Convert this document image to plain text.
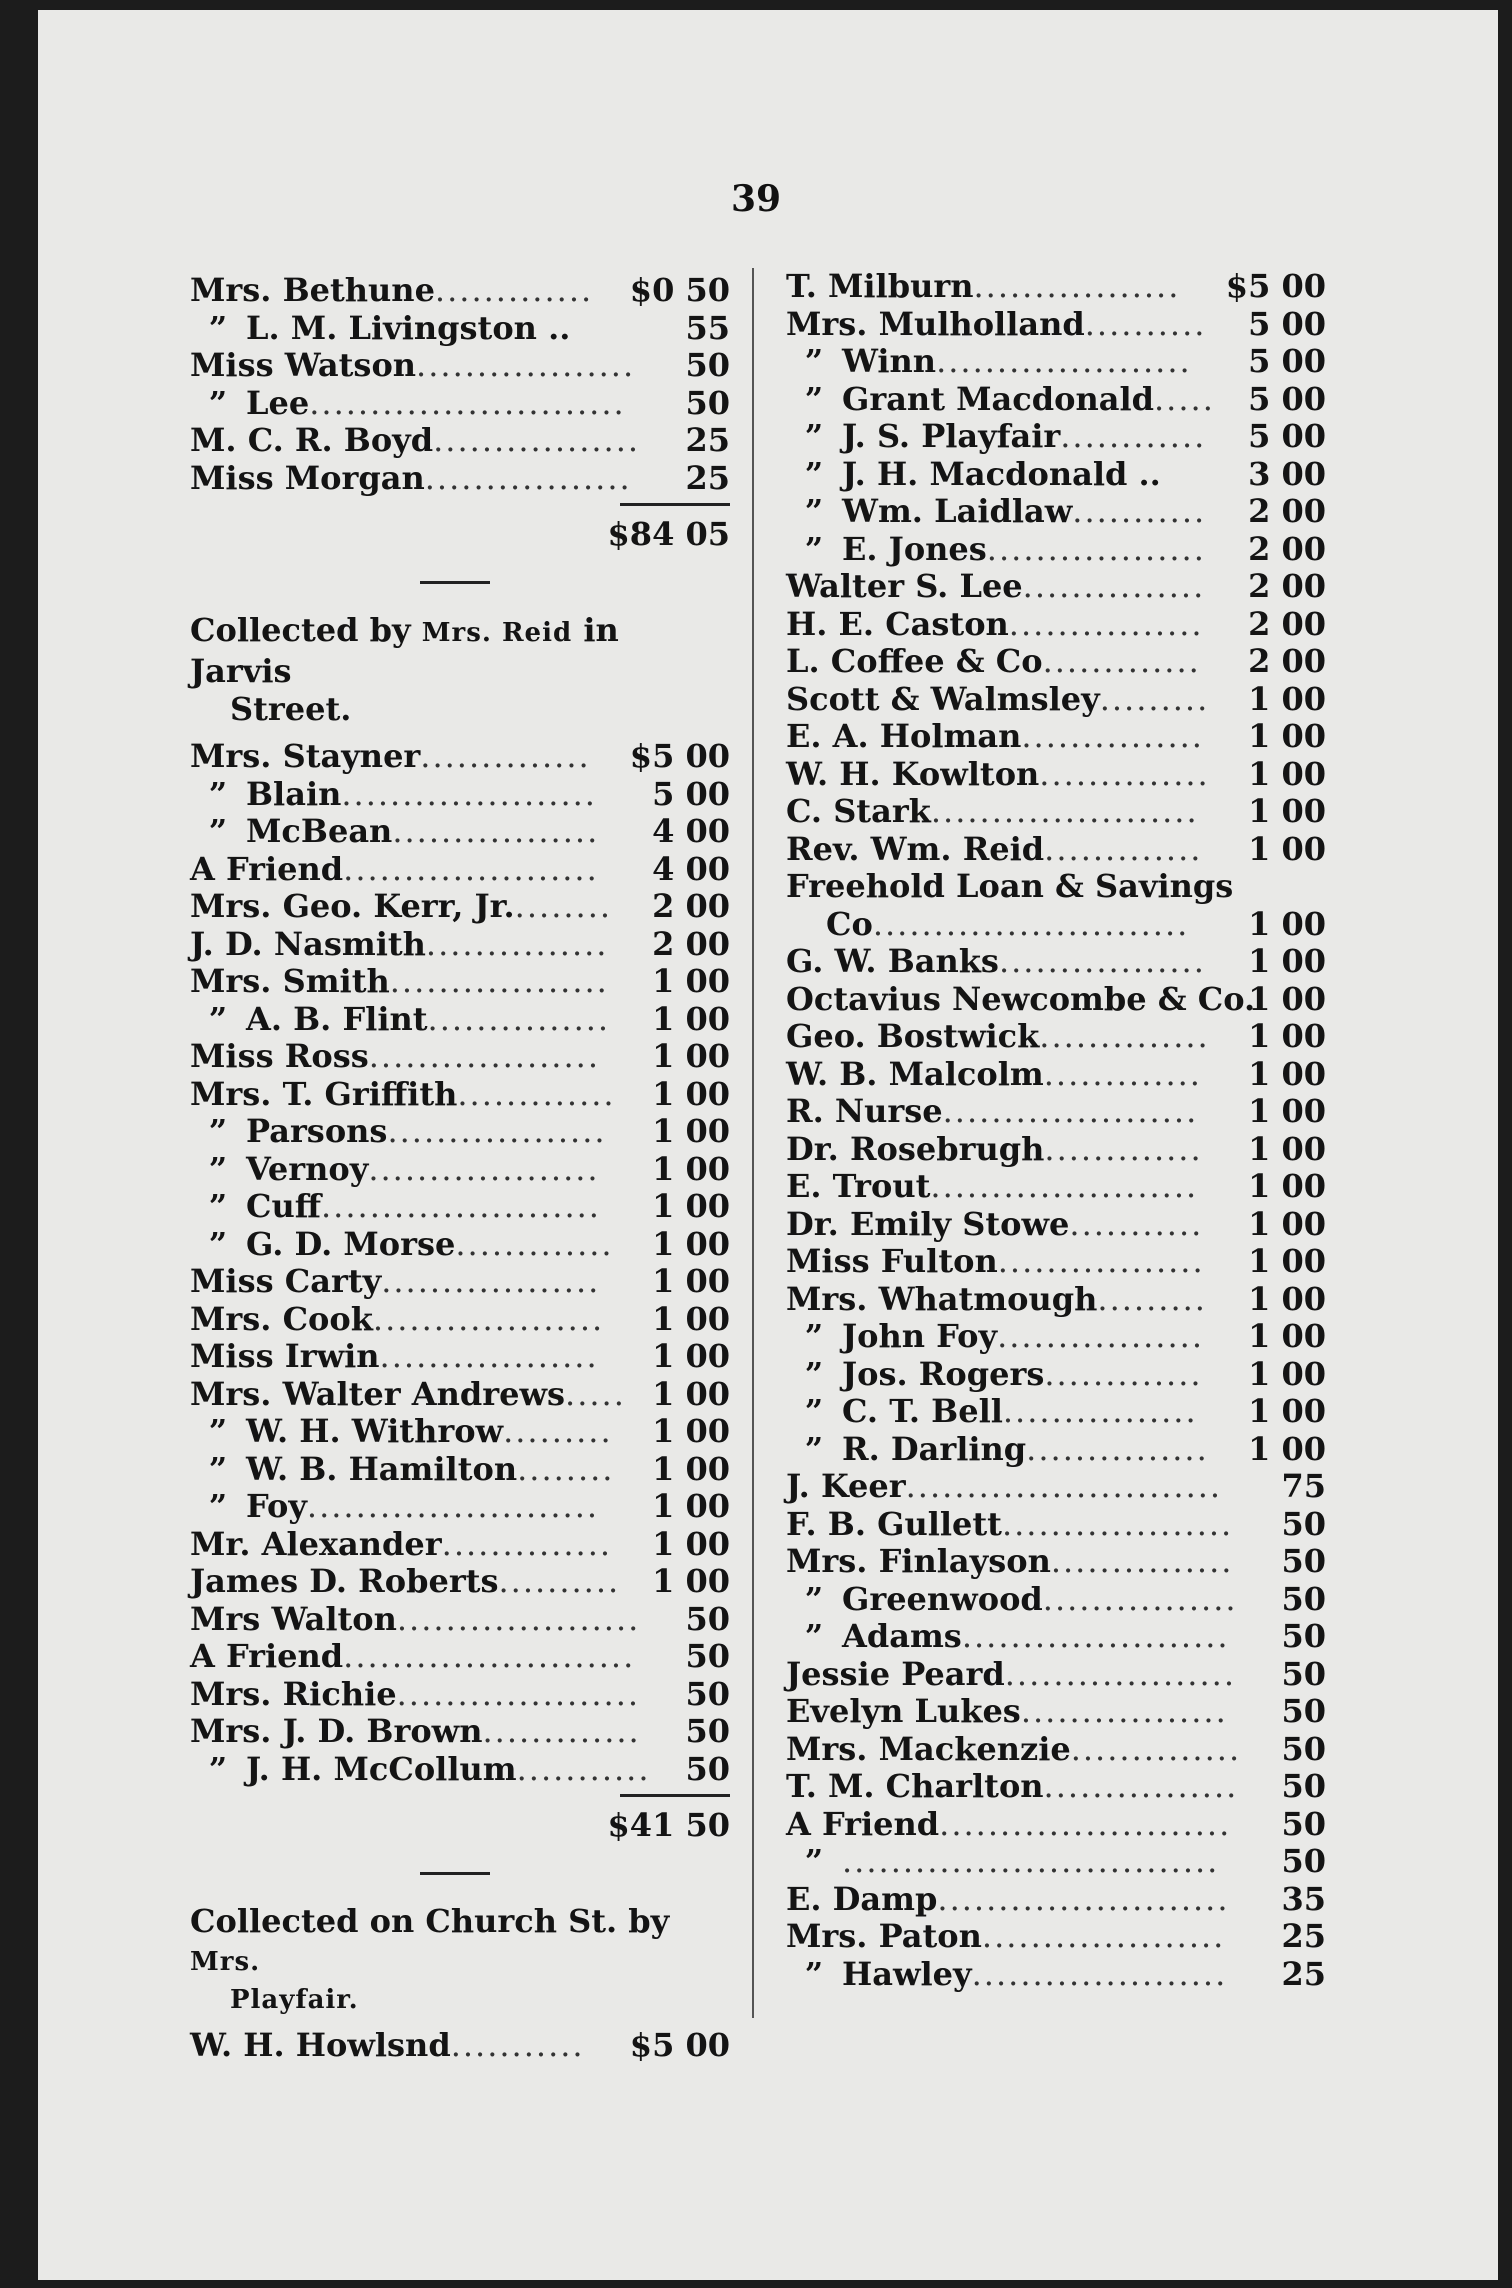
39
Mrs. Bethune............. $0 50
” L. M. Livingston ..	55
Miss Watson.................. 50
” Lee.......................... 50
M. C. R. Boyd................. 25
Miss Morgan................. 25
$84 05
Collected by Mrs. Reid in Jarvis
Street.
Mrs. Stayner.............. $5 00
” Blain..................... 5 00
” McBean................. 4 00
A Friend..................... 4 00
Mrs. Geo. Kerr, Jr......... 2 00
J. D. Nasmith............... 2 00
Mrs. Smith.................. 1 00
” A. B. Flint............... 1 00
Miss Ross................... 1 00
Mrs. T. Griffith............. 1 00
” Parsons.................. 1 00
” Vernoy................... 1 00
” Cuff....................... 1 00
” G. D. Morse............. 1 00
Miss Carty.................. 1 00
Mrs. Cook................... 1 00
Miss Irwin.................. 1 00
Mrs. Walter Andrews..... 1 00
” W. H. Withrow......... 1 00
” W. B. Hamilton........ 1 00
” Foy........................ 1 00
Mr. Alexander.............. 1 00
James D. Roberts.......... 1 00
Mrs Walton.................... 50
A Friend........................ 50
Mrs. Richie.................... 50
Mrs. J. D. Brown............. 50
” J. H. McCollum........... 50
$41 50
Collected on Church St. by Mrs.
Playfair.
W. H. Howlsnd........... $5 00
T. Milburn................. $5 00
Mrs. Mulholland.......... 5 00
” Winn..................... 5 00
” Grant Macdonald..... 5 00
” J. S. Playfair............ 5 00
” J. H. Macdonald ..	3 00
” Wm. Laidlaw........... 2 00
” E. Jones.................. 2 00
Walter S. Lee............... 2 00
H. E. Caston................ 2 00
L. Coffee & Co............. 2 00
Scott & Walmsley......... 1 00
E. A. Holman............... 1 00
W. H. Kowlton.............. 1 00
C. Stark...................... 1 00
Rev. Wm. Reid............. 1 00
Freehold Loan & Savings
Co.......................... 1 00
G. W. Banks................. 1 00
Octavius Newcombe & Co.
1 00
Geo. Bostwick.............. 1 00
W. B. Malcolm............. 1 00
R. Nurse..................... 1 00
Dr. Rosebrugh............. 1 00
E. Trout...................... 1 00
Dr. Emily Stowe........... 1 00
Miss Fulton................. 1 00
Mrs. Whatmough......... 1 00
” John Foy................. 1 00
” Jos. Rogers............. 1 00
” C. T. Bell................ 1 00
” R. Darling............... 1 00
J. Keer.......................... 75
F. B. Gullett................... 50
Mrs. Finlayson............... 50
” Greenwood................ 50
” Adams...................... 50
Jessie Peard................... 50
Evelyn Lukes................. 50
Mrs. Mackenzie.............. 50
T. M. Charlton................ 50
A Friend........................ 50
” ............................... 50
E. Damp........................ 35
Mrs. Paton.................... 25
” Hawley..................... 25
